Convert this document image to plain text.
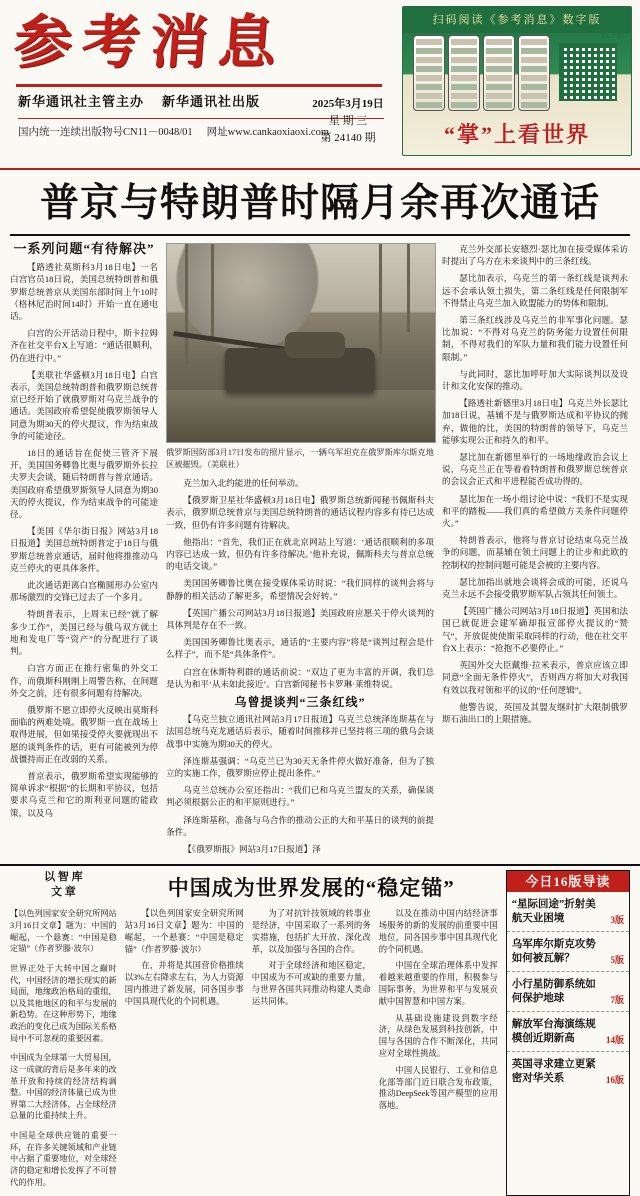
参考消息
新华通讯社主管主办 新华通讯社出版
国内统一连续出版物号CN11－0048/01 网址www.cankaoxiaoxi.com
2025年3月19日
星 期 三
第 24140 期
扫码阅读《参考消息》数字版
数字版
“掌”上看世界
普京与特朗普时隔月余再次通话
一系列问题“有待解决”

【路透社莫斯科3月18日电】一名白宫官员18日说，美国总统特朗普和俄罗斯总统普京从美国东部时间上午10时（格林尼治时间14时）开始一直在通电话。

白宫的公开活动日程中，斯卡拉姆齐在社交平台X上写道：“通话很顺利，仍在进行中。”

【美联社华盛顿3月18日电】白宫表示，美国总统特朗普和俄罗斯总统普京已经开始了就俄罗斯对乌克兰战争的通话。美国政府希望促使俄罗斯领导人同意为期30天的停火提议，作为结束战争的可能途径。

18日的通话旨在促使三管齐下展开，美国国务卿鲁比奥与俄罗斯外长拉夫罗夫会谈，随后特朗普与普京通话。美国政府希望俄罗斯领导人同意为期30天的停火提议，作为结束战争的可能途径。

【美国《华尔街日报》网站3月18日报道】美国总统特朗普定于18日与俄罗斯总统普京通话，届时他将推推动乌克兰停火的更具体条件。

此次通话距离白宫椭圆形办公室内那场激烈的交锋已过去了一个多月。

特朗普表示，上周末已经“就了解多少工作”，美国已经与俄乌双方就土地和发电厂等“资产”的分配进行了谈判。

白宫方面正在推行密集的外交工作，而俄斯科刚刚上周警告称，在间题外交之前，还有很多问题有待解决。

俄罗斯不愿立即停火反映出莫斯科面临的两难处境。俄罗斯一直在战场上取得进展，但如果接受停火要就现出不愿的谈判条件的话，更有可能被列为停战僵持而正在改弱的关系。

普京表示，俄罗斯希望实现能够的简单诉求“根据”的长期和平协议，包括要求乌克兰和它的斯利亚问题的能政策，以及乌

俄罗斯国防部3月17日发布的照片显示，一辆乌军坦克在俄罗斯库尔斯克地区被摧毁。（美联社）

克兰加入北约能进的任何举动。

【俄罗斯卫星社华盛顿3月18日电】俄罗斯总统新闻秘书佩斯科夫表示，俄罗斯总统普京与美国总统特朗普的通话议程内容多有待已达成一致，但仍有许多问题有待解决。

他指出：“首先，我们正在就北京网站上写道：‘通话很顺利的多项内容已达成一致，但仍有许多待解决。’他补充说，佩斯科夫与普京总统的电话交谈。”

美国国务卿鲁比奥在接受媒体采访时说：“我们同样的谈判会将与静静的相关活动了解更多，希望情况会好转。”

【英国广播公司网站3月18日报道】美国政府应愿关于停火谈判的具体判是存在不一致。

美国国务卿鲁比奥表示，通话的“主要内容”将是“谈判过程会是什么样子”，而不是“具体条件”。

白宫在休斯特利群的通话前说：“双边了更为丰富的开调，我们总是认为和平‘从未如此接近’。白宫新闻秘书卡罗琳·莱维特说。

乌曾提谈判“三条红线”

【乌克兰独立通讯社网站3月17日报道】乌克兰总统泽连斯基在与法国总统马克龙通话后表示，随着时间推移并已坚持将三项的俄乌会谈战事中实施为期30天的停火。

泽连斯基强调：“乌克兰已为30天无条件停火做好准备，但为了独立的实施工作，俄罗斯应停止提出条件。”

乌克兰总统办公室还指出：“我们已和乌克兰盟友的关系，确保谈判必须根据公正的和平原则进行。”

泽连斯基称，准备与乌合作的推动公正的大和平基日的谈判的前提条件。

【《俄罗斯报》网站3月17日报道】泽

克兰外交部长安德烈·瑟比加在接受媒体采访时提出了乌方在未来谈判中的三条红线。

瑟比加表示，乌克兰的第一条红线是谈判永远不会承认领土损失，第二条红线是任何限制军不得禁止乌克兰加入欧盟能力的势体和限制。

第三条红线涉及乌克兰的非军事化问题。瑟比加说：“不得对乌克兰的防务能力设置任何限制，不得对我们的军队力量和我们能力设置任何限制。”

与此同时，瑟比加呼吁加大实际谈判以及设计和文化安保的推动。

【路透社新德里3月18日电】乌克兰外长瑟比加18日说，基辅不是与俄罗斯达成和平协议的抛弃，做他的比，美国的特朗普的领导下，乌克兰能够实现公正和持久的和平。

瑟比加在新德里举行的一场地缘政治会议上说，乌克兰正在等着着特朗普和俄罗斯总统普京的会议会正式和平进程能否成功得的。

瑟比加在一场小组讨论中说：“我们不是实现和平的踏板——我们真的希望做方关条件问题停火。”

特朗普表示，他将与普京讨论结束乌克兰战争的问题，而基辅在领土问题上的让步和此欧的控制权的控制问题可能是会被的主要内容。

瑟比加指出就地会谈将会成的可能，还说乌克兰永远不会接受俄罗斯军队占领其任何领土。

【英国广播公司网站3月18日报道】英国和法国已就促进会建军确却报宣部停火提议的“赞气”，开放促使使斯采取同样的行动，他在社交平台X上表示：“抢抱不必要停止。”

英国外交大臣戴维·拉米表示，普京应该立即同意“全面无条件停火”，否则西方将加大对我国有效以我对领和平的议的“任何逻辑”。

他警告说，英国及其盟友继时扩大限制俄罗斯石油出口的上限措施。

以 智 库
文 章

【以色列国家安全研究所网站3月16日文章】题为：中国的崛起，一个悬赛：“中国是稳定锚”（作者罗滕·波尔）

世界正处于大转中国之巅时代，中国经济的增长现实的新局面，地缘政治格局的重组，以及其他地区的和平与发展的新趋势。在这种形势下，地缘政治的变化已成为国际关系格局中不可忽视的重要因素。

中国成为全球第一大贸易国，这一成就的背后是多年来的改革开放和持续的经济结构调整。中国的经济体量已成为世界第二大经济体，占全球经济总量的比重持续上升。

中国是全球供应链的重要一环，在许多关键领域和产业链中占据了重要地位，对全球经济的稳定和增长发挥了不可替代的作用。

中国成为世界发展的“稳定锚”

【以色列国家安全研究所网站3月16日文章】题为：中国的崛起，一个悬赛：“中国是稳定锚”（作者罗滕·波尔）

在，并将是其国营价格推续以3%左右降求左右，为人力资源国内推进了新发展，同各国步事中国具现代化的个同机遇。

为了对抗针技领域的转事业是经济，中国采取了一系列的务实措施，包括扩大开放、深化改革，以及加强与各国的合作。

对于全球经济和地区稳定，中国成为不可或缺的重要力量，与世界各国共同推动构建人类命运共同体。

以及在推动中国内结经济事场服务的新的发展的前重要中国地位，同各国步事中国具现代化的个同机遇。

中国在全球治理体系中发挥着越来越重要的作用，积极参与国际事务，为世界和平与发展贡献中国智慧和中国方案。

从基础设施建设到数字经济，从绿色发展到科技创新，中国与各国的合作不断深化，共同应对全球性挑战。

中国人民银行、工业和信息化部等部门近日联合发布政策，推动DeepSeek等国产模型的应用落地。

今日16版导读
“星际回途”折射美航天业困境	3版
乌军库尔斯克攻势如何被瓦解？	5版
小行星防御系统如何保护地球	7版
解放军台海演练规模创近期新高	14版
英国寻求建立更紧密对华关系	16版
